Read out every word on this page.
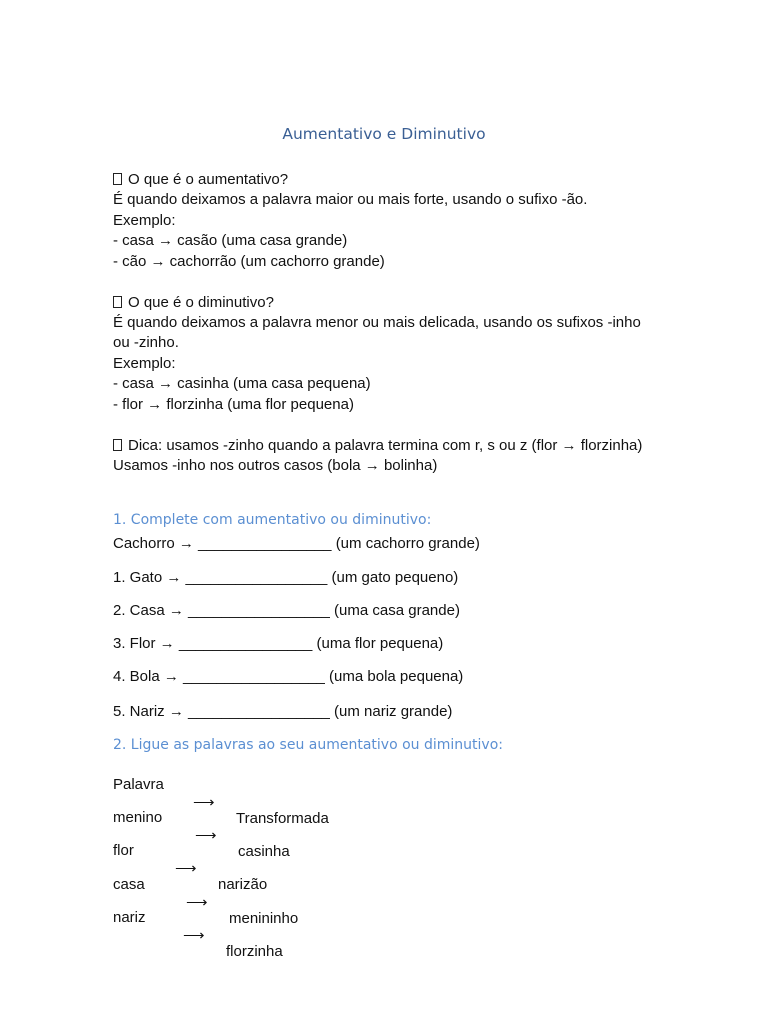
Aumentativo e Diminutivo
O que é o aumentativo?
É quando deixamos a palavra maior ou mais forte, usando o sufixo -ão.
Exemplo:
- casa → casão (uma casa grande)
- cão → cachorrão (um cachorro grande)
O que é o diminutivo?
É quando deixamos a palavra menor ou mais delicada, usando os sufixos -inho
ou -zinho.
Exemplo:
- casa → casinha (uma casa pequena)
- flor → florzinha (uma flor pequena)
Dica: usamos -zinho quando a palavra termina com r, s ou z (flor → florzinha)
Usamos -inho nos outros casos (bola → bolinha)
1. Complete com aumentativo ou diminutivo:
Cachorro → ________________ (um cachorro grande)
1. Gato → _________________ (um gato pequeno)
2. Casa → _________________ (uma casa grande)
3. Flor → ________________ (uma flor pequena)
4. Bola → _________________ (uma bola pequena)
5. Nariz → _________________ (um nariz grande)
2. Ligue as palavras ao seu aumentativo ou diminutivo:

Palavra

⟶

Transformada

menino

⟶

casinha

flor

⟶

narizão

casa

⟶

menininho

nariz

⟶

florzinha
